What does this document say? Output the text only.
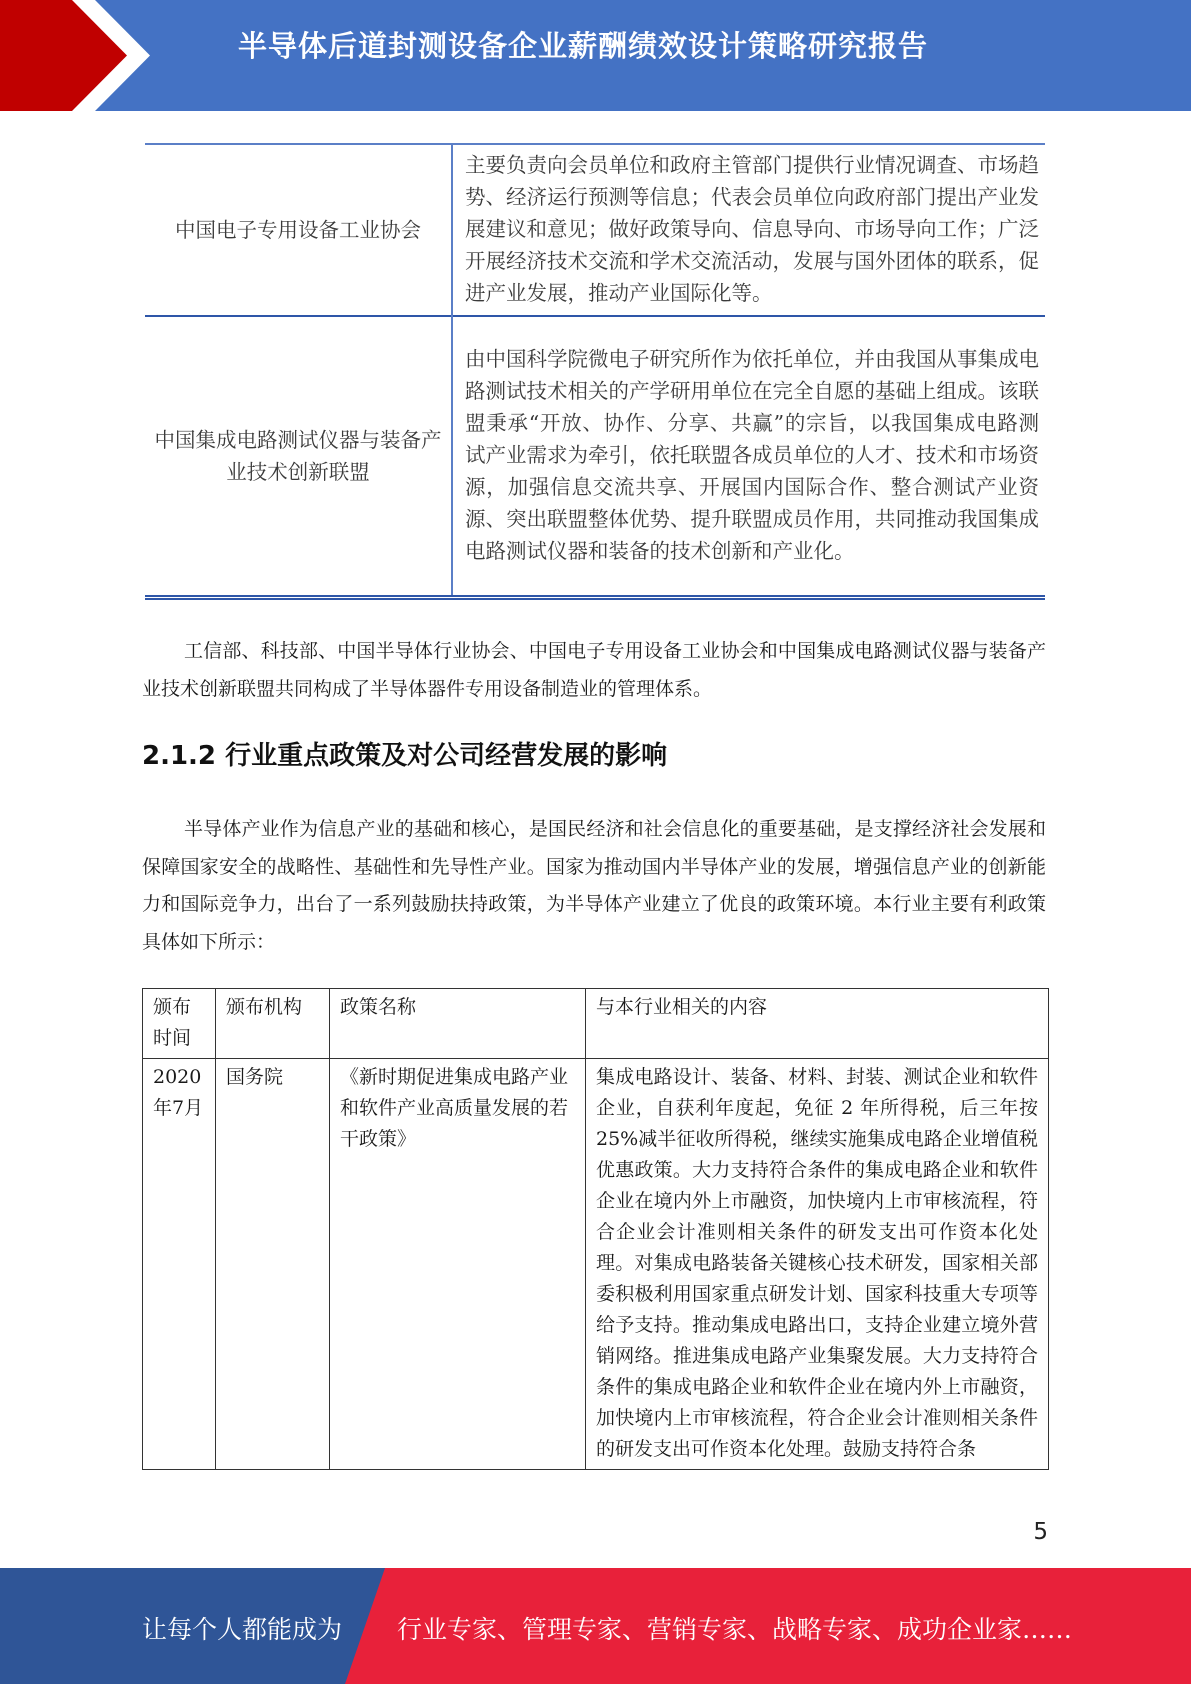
半导体后道封测设备企业薪酬绩效设计策略研究报告
中国电子专用设备工业协会	主要负责向会员单位和政府主管部门提供行业情况调查、市场趋势、经济运行预测等信息；代表会员单位向政府部门提出产业发展建议和意见；做好政策导向、信息导向、市场导向工作；广泛开展经济技术交流和学术交流活动，发展与国外团体的联系，促进产业发展，推动产业国际化等。
中国集成电路测试仪器与装备产业技术创新联盟	由中国科学院微电子研究所作为依托单位，并由我国从事集成电路测试技术相关的产学研用单位在完全自愿的基础上组成。该联盟秉承“开放、协作、分享、共赢”的宗旨，以我国集成电路测试产业需求为牵引，依托联盟各成员单位的人才、技术和市场资源，加强信息交流共享、开展国内国际合作、整合测试产业资源、突出联盟整体优势、提升联盟成员作用，共同推动我国集成电路测试仪器和装备的技术创新和产业化。

工信部、科技部、中国半导体行业协会、中国电子专用设备工业协会和中国集成电路测试仪器与装备产业技术创新联盟共同构成了半导体器件专用设备制造业的管理体系。

2.1.2 行业重点政策及对公司经营发展的影响

半导体产业作为信息产业的基础和核心，是国民经济和社会信息化的重要基础，是支撑经济社会发展和保障国家安全的战略性、基础性和先导性产业。国家为推动国内半导体产业的发展，增强信息产业的创新能力和国际竞争力，出台了一系列鼓励扶持政策，为半导体产业建立了优良的政策环境。本行业主要有利政策具体如下所示：

颁布时间	颁布机构	政策名称	与本行业相关的内容
2020年7月	国务院	《新时期促进集成电路产业和软件产业高质量发展的若干政策》	集成电路设计、装备、材料、封装、测试企业和软件企业，自获利年度起，免征 2 年所得税，后三年按 25%减半征收所得税，继续实施集成电路企业增值税优惠政策。大力支持符合条件的集成电路企业和软件企业在境内外上市融资，加快境内上市审核流程，符合企业会计准则相关条件的研发支出可作资本化处理。对集成电路装备关键核心技术研发，国家相关部委积极利用国家重点研发计划、国家科技重大专项等给予支持。推动集成电路出口，支持企业建立境外营销网络。推进集成电路产业集聚发展。大力支持符合条件的集成电路企业和软件企业在境内外上市融资，加快境内上市审核流程，符合企业会计准则相关条件的研发支出可作资本化处理。鼓励支持符合条
5
让每个人都能成为 行业专家、管理专家、营销专家、战略专家、成功企业家……
